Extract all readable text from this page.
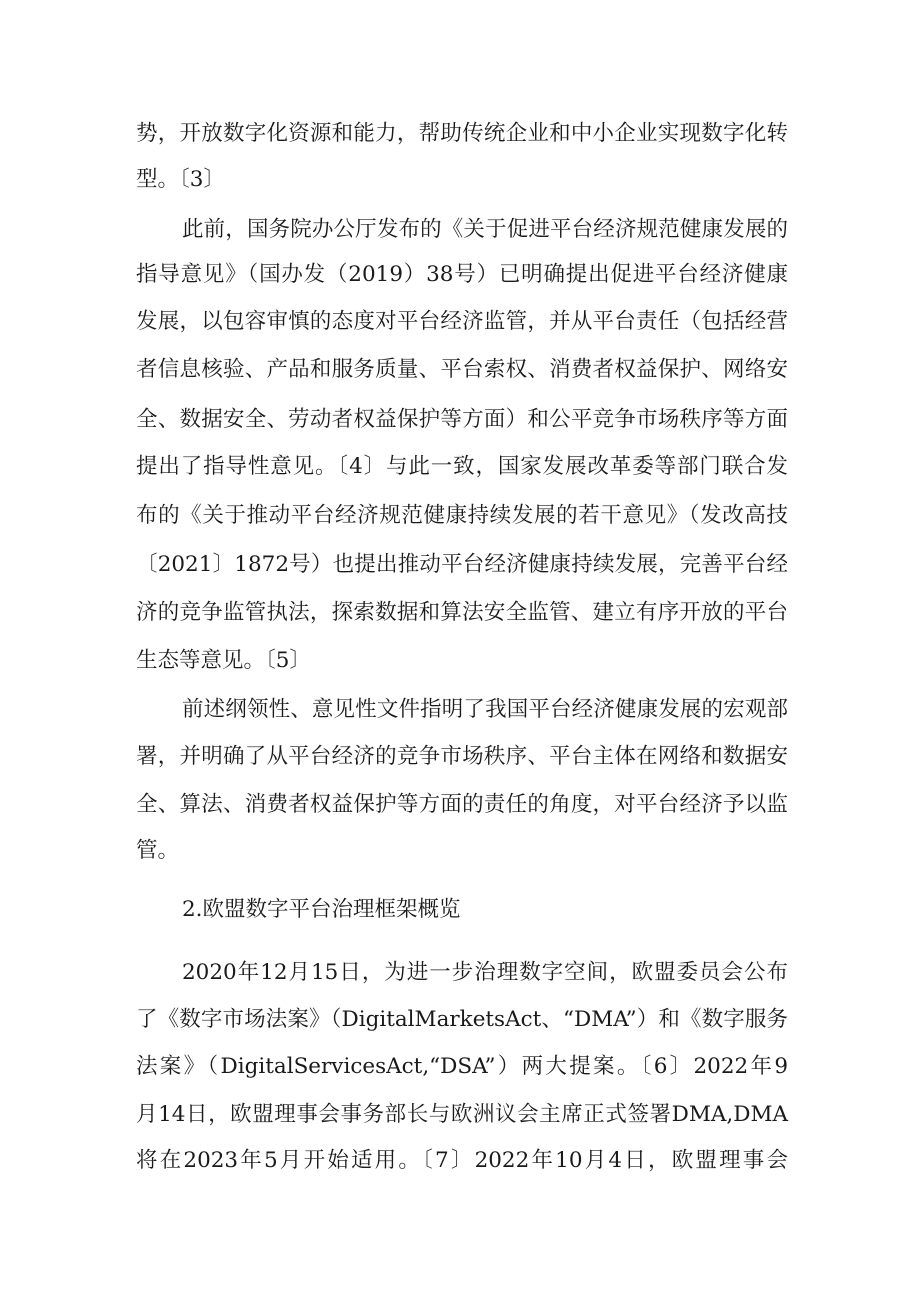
势，开放数字化资源和能力，帮助传统企业和中小企业实现数字化转
型。〔3〕
此前，国务院办公厅发布的《关于促进平台经济规范健康发展的
指导意见》（国办发（2019）38号）已明确提出促进平台经济健康
发展，以包容审慎的态度对平台经济监管，并从平台责任（包括经营
者信息核验、产品和服务质量、平台索权、消费者权益保护、网络安
全、数据安全、劳动者权益保护等方面）和公平竞争市场秩序等方面
提出了指导性意见。〔4〕与此一致，国家发展改革委等部门联合发
布的《关于推动平台经济规范健康持续发展的若干意见》（发改高技
〔2021〕1872号）也提出推动平台经济健康持续发展，完善平台经
济的竞争监管执法，探索数据和算法安全监管、建立有序开放的平台
生态等意见。〔5〕
前述纲领性、意见性文件指明了我国平台经济健康发展的宏观部
署，并明确了从平台经济的竞争市场秩序、平台主体在网络和数据安
全、算法、消费者权益保护等方面的责任的角度，对平台经济予以监
管。
2.欧盟数字平台治理框架概览
2020年12月15日，为进一步治理数字空间，欧盟委员会公布
了《数字市场法案》（DigitalMarketsAct、“DMA”）和《数字服务
法案》（DigitalServicesAct,“DSA”）两大提案。〔6〕2022年9
月14日，欧盟理事会事务部长与欧洲议会主席正式签署DMA,DMA
将在2023年5月开始适用。〔7〕2022年10月4日，欧盟理事会
